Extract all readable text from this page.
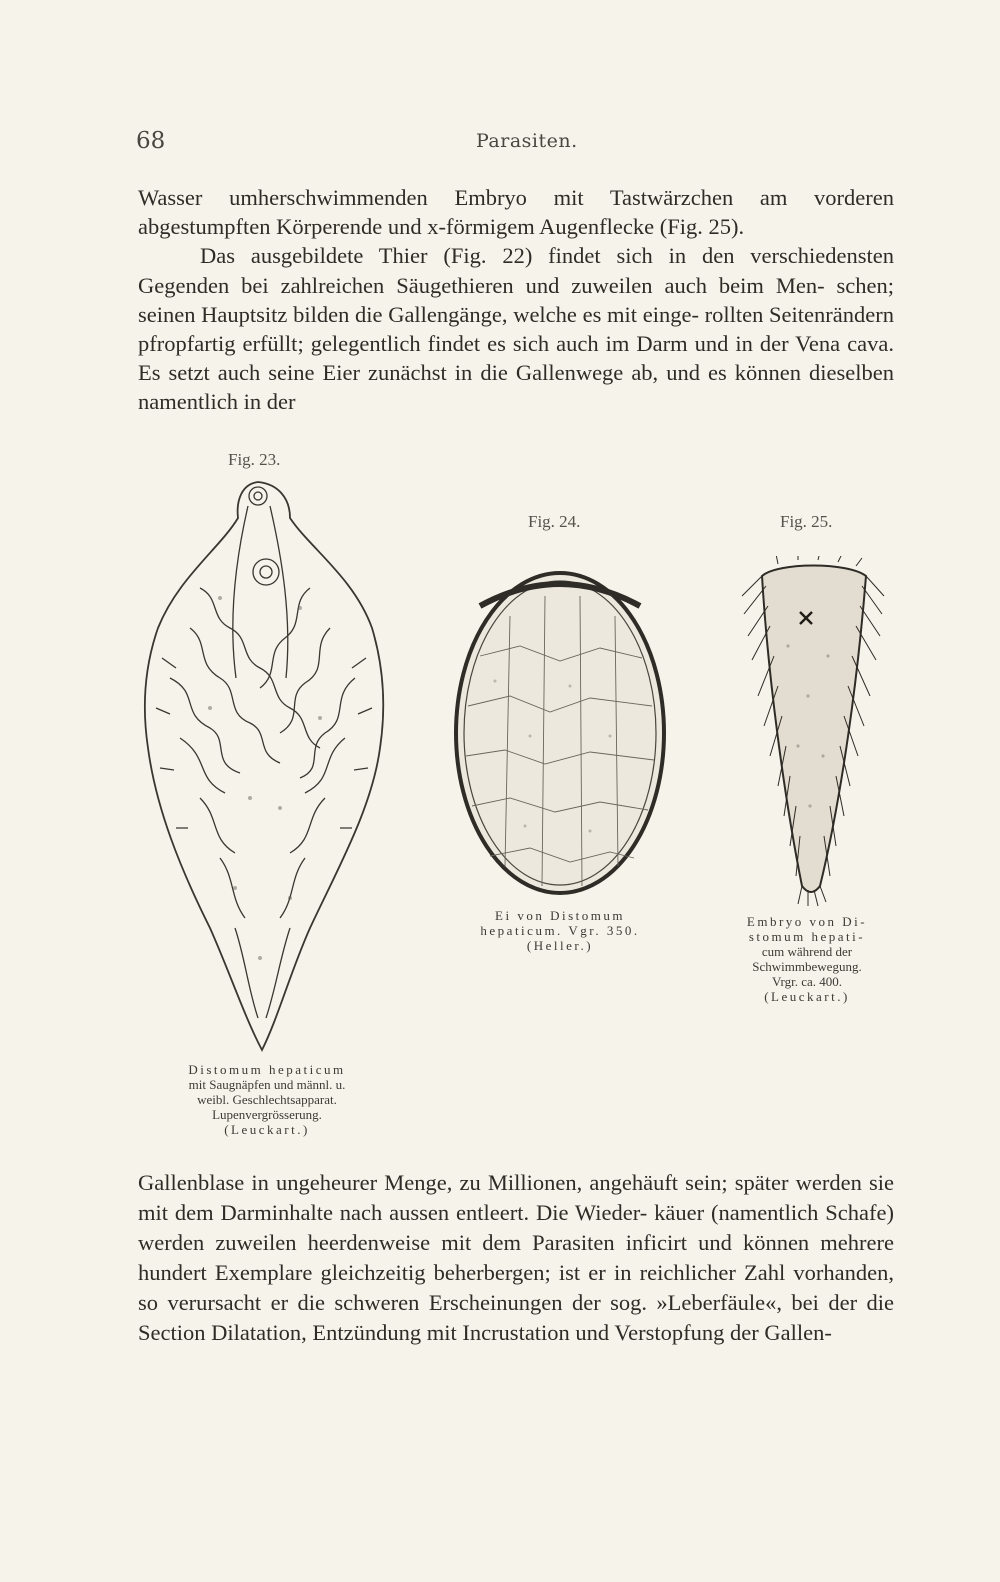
68	Parasiten.

Wasser umherschwimmenden Embryo mit Tastwärzchen am vorderen abgestumpften Körperende und x-förmigem Augenflecke (Fig. 25).

Das ausgebildete Thier (Fig. 22) findet sich in den verschiedensten Gegenden bei zahlreichen Säugethieren und zuweilen auch beim Men- schen; seinen Hauptsitz bilden die Gallengänge, welche es mit einge- rollten Seitenrändern pfropfartig erfüllt; gelegentlich findet es sich auch im Darm und in der Vena cava. Es setzt auch seine Eier zunächst in die Gallenwege ab, und es können dieselben namentlich in der

Fig. 23.
Distomum hepaticum
mit Saugnäpfen und männl. u.
weibl. Geschlechtsapparat.
Lupenvergrösserung.
(Leuckart.)
Fig. 24.
Ei von Distomum
hepaticum. Vgr. 350.
(Heller.)
Fig. 25.
Embryo von Di-
stomum hepati-
cum während der
Schwimmbewegung.
Vrgr. ca. 400.
(Leuckart.)

Gallenblase in ungeheurer Menge, zu Millionen, angehäuft sein; später werden sie mit dem Darminhalte nach aussen entleert. Die Wieder- käuer (namentlich Schafe) werden zuweilen heerdenweise mit dem Parasiten inficirt und können mehrere hundert Exemplare gleichzeitig beherbergen; ist er in reichlicher Zahl vorhanden, so verursacht er die schweren Erscheinungen der sog. »Leberfäule«, bei der die Section Dilatation, Entzündung mit Incrustation und Verstopfung der Gallen-
